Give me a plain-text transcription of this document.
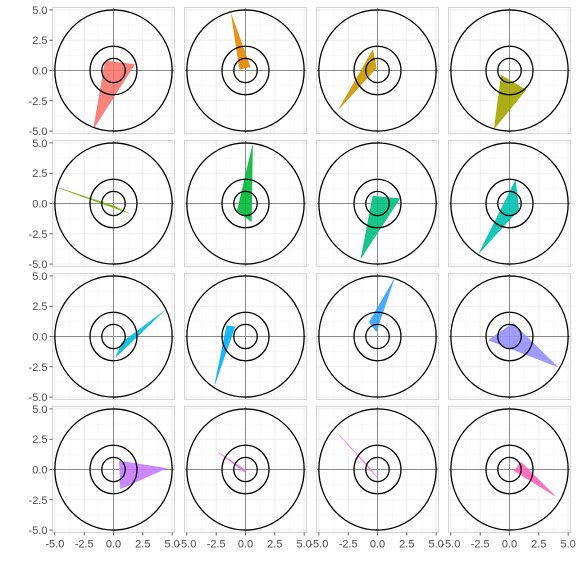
-5.0
-2.5
0.0
2.5
5.0
-5.0
-2.5
0.0
2.5
5.0
-5.0
-2.5
0.0
2.5
5.0
-5.0
-2.5
0.0
2.5
5.0
-5.0 -2.5 0.0 2.5 5.0
-5.0 -2.5 0.0 2.5 5.0
-5.0 -2.5 0.0 2.5 5.0
-5.0 -2.5 0.0 2.5 5.0
